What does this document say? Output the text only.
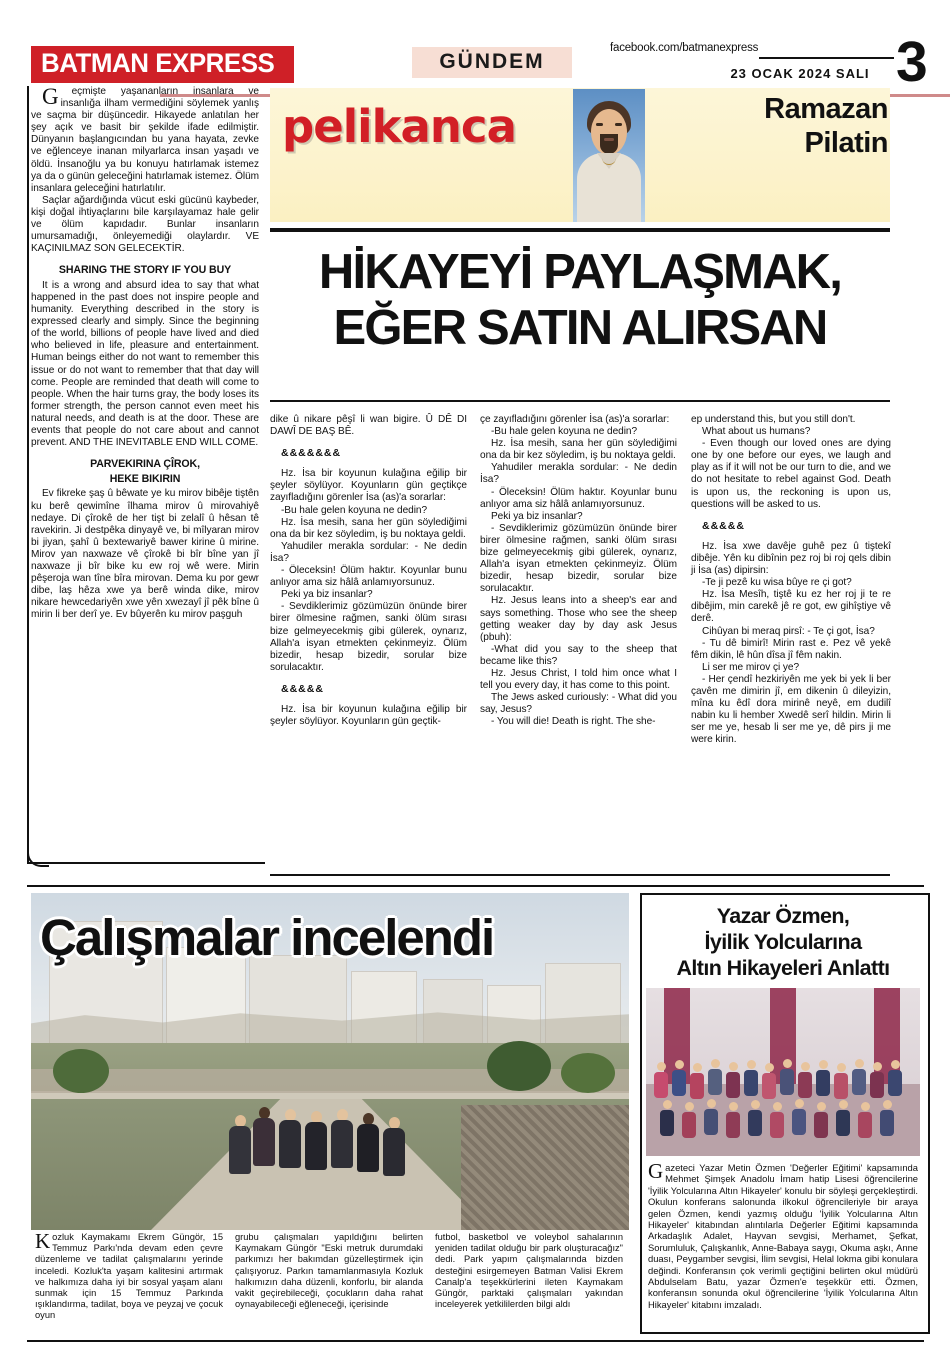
BATMAN EXPRESS	GÜNDEM
facebook.com/batmanexpress
23 OCAK 2024 SALI 3

Geçmişte yaşananların insanlara ve insanlığa ilham vermediğini söylemek yanlış ve saçma bir düşüncedir. Hikayede anlatılan her şey açık ve basit bir şekilde ifade edilmiştir. Dünyanın başlangıcından bu yana hayata, zevke ve eğlenceye inanan milyarlarca insan yaşadı ve öldü. İnsanoğlu ya bu konuyu hatırlamak istemez ya da o günün geleceğini hatırlamak istemez. Ölüm insanlara geleceğini hatırlatılır.

Saçlar ağardığında vücut eski gücünü kaybeder, kişi doğal ihtiyaçlarını bile karşılayamaz hale gelir ve ölüm kapıdadır. Bunlar insanların umursamadığı, önleyemediği olaylardır. VE KAÇINILMAZ SON GELECEKTİR.

SHARING THE STORY IF YOU BUY

It is a wrong and absurd idea to say that what happened in the past does not inspire people and humanity. Everything described in the story is expressed clearly and simply. Since the beginning of the world, billions of people have lived and died who believed in life, pleasure and entertainment. Human beings either do not want to remember this issue or do not want to remember that that day will come. People are reminded that death will come to people. When the hair turns gray, the body loses its former strength, the person cannot even meet his natural needs, and death is at the door. These are events that people do not care about and cannot prevent. AND THE INEVITABLE END WILL COME.

PARVEKIRINA ÇÎROK,
HEKE BIKIRIN

Ev fikreke şaş û bêwate ye ku mirov bibêje tiştên ku berê qewimîne îlhama mirov û mirovahiyê nedaye. Di çîrokê de her tişt bi zelalî û hêsan tê ravekirin. Ji destpêka dinyayê ve, bi mîlyaran mirov bi jiyan, şahî û bextewariyê bawer kirine û mirine. Mirov yan naxwaze vê çîrokê bi bîr bîne yan jî naxwaze ji bîr bike ku ew roj wê were. Mirin pêşeroja wan tîne bîra mirovan. Dema ku por gewr dibe, laş hêza xwe ya berê winda dike, mirov nikare hewcedariyên xwe yên xwezayî jî pêk bîne û mirin li ber derî ye. Ev bûyerên ku mirov paşguh

pelikanca	Ramazan
Pilatin
HİKAYEYİ PAYLAŞMAK,
EĞER SATIN ALIRSAN

dike û nikare pêşî li wan bigire. Û DÊ DI DAWÎ DE BAŞ BÊ.

&&&&&&&

Hz. İsa bir koyunun kulağına eğilip bir şeyler söylüyor. Koyunların gün geçtikçe zayıfladığını görenler İsa (as)'a sorarlar:

-Bu hale gelen koyuna ne dedin?

Hz. İsa mesih, sana her gün söylediğimi ona da bir kez söyledim, iş bu noktaya geldi.

Yahudiler merakla sordular: - Ne dedin İsa?

- Öleceksin! Ölüm haktır. Koyunlar bunu anlıyor ama siz hâlâ anlamıyorsunuz.

Peki ya biz insanlar?

- Sevdiklerimiz gözümüzün önünde birer birer ölmesine rağmen, sanki ölüm sırası bize gelmeyecekmiş gibi gülerek, oynarız, Allah'a isyan etmekten çekinmeyiz. Ölüm bizedir, hesap bizedir, sorular bize sorulacaktır.

&&&&&

Hz. İsa bir koyunun kulağına eğilip bir şeyler söylüyor. Koyunların gün geçtik-

çe zayıfladığını görenler İsa (as)'a sorarlar:

-Bu hale gelen koyuna ne dedin?

Hz. İsa mesih, sana her gün söylediğimi ona da bir kez söyledim, iş bu noktaya geldi.

Yahudiler merakla sordular: - Ne dedin İsa?

- Öleceksin! Ölüm haktır. Koyunlar bunu anlıyor ama siz hâlâ anlamıyorsunuz.

Peki ya biz insanlar?

- Sevdiklerimiz gözümüzün önünde birer birer ölmesine rağmen, sanki ölüm sırası bize gelmeyecekmiş gibi gülerek, oynarız, Allah'a isyan etmekten çekinmeyiz. Ölüm bizedir, hesap bizedir, sorular bize sorulacaktır.

Hz. Jesus leans into a sheep's ear and says something. Those who see the sheep getting weaker day by day ask Jesus (pbuh):

-What did you say to the sheep that became like this?

Hz. Jesus Christ, I told him once what I tell you every day, it has come to this point.

The Jews asked curiously: - What did you say, Jesus?

- You will die! Death is right. The she-

ep understand this, but you still don't.

What about us humans?

- Even though our loved ones are dying one by one before our eyes, we laugh and play as if it will not be our turn to die, and we do not hesitate to rebel against God. Death is upon us, the reckoning is upon us, questions will be asked to us.

&&&&&

Hz. İsa xwe davêje guhê pez û tiştekî dibêje. Yên ku dibînin pez roj bi roj qels dibin ji İsa (as) dipirsin:

-Te ji pezê ku wisa bûye re çi got?

Hz. İsa Mesîh, tiştê ku ez her roj ji te re dibêjim, min carekê jê re got, ew gihîştiye vê derê.

Cihûyan bi meraq pirsî: - Te çi got, İsa?

- Tu dê bimirî! Mirin rast e. Pez vê yekê fêm dikin, lê hûn dîsa jî fêm nakin.

Li ser me mirov çi ye?

- Her çendî hezkiriyên me yek bi yek li ber çavên me dimirin jî, em dikenin û dileyizin, mîna ku êdî dora mirinê neyê, em dudilî nabin ku li hember Xwedê serî hildin. Mirin li ser me ye, hesab li ser me ye, dê pirs ji me were kirin.

Çalışmalar incelendi
Kozluk Kaymakamı Ekrem Güngör, 15 Temmuz Parkı'nda devam eden çevre düzenleme ve tadilat çalışmalarını yerinde inceledi. Kozluk'ta yaşam kalitesini artırmak ve halkımıza daha iyi bir sosyal yaşam alanı sunmak için 15 Temmuz Parkında ışıklandırma, tadilat, boya ve peyzaj ve çocuk oyun
grubu çalışmaları yapıldığını belirten Kaymakam Güngör "Eski metruk durumdaki parkımızı her bakımdan güzelleştirmek için çalışıyoruz. Parkın tamamlanmasıyla Kozluk halkımızın daha düzenli, konforlu, bir alanda vakit geçirebileceği, çocukların daha rahat oynayabileceği eğleneceği, içerisinde
futbol, basketbol ve voleybol sahalarının yeniden tadilat olduğu bir park oluşturacağız" dedi. Park yapım çalışmalarında bizden desteğini esirgemeyen Batman Valisi Ekrem Canalp'a teşekkürlerini ileten Kaymakam Güngör, parktaki çalışmaları yakından inceleyerek yetkililerden bilgi aldı
Yazar Özmen,
İyilik Yolcularına
Altın Hikayeleri Anlattı

Gazeteci Yazar Metin Özmen 'Değerler Eğitimi' kapsamında Mehmet Şimşek Anadolu İmam hatip Lisesi öğrencilerine 'İyilik Yolcularına Altın Hikayeler' konulu bir söyleşi gerçekleştirdi. Okulun konferans salonunda ilkokul öğrencileriyle bir araya gelen Özmen, kendi yazmış olduğu 'İyilik Yolcularına Altın Hikayeler' kitabından alıntılarla Değerler Eğitimi kapsamında Arkadaşlık Adalet, Hayvan sevgisi, Merhamet, Şefkat, Sorumluluk, Çalışkanlık, Anne-Babaya saygı, Okuma aşkı, Anne duası, Peygamber sevgisi, İlim sevgisi, Helal lokma gibi konulara değindi. Konferansın çok verimli geçtiğini belirten okul müdürü Abdulselam Batu, yazar Özmen'e teşekkür etti. Özmen, konferansın sonunda okul öğrencilerine 'İyilik Yolcularına Altın Hikayeler' kitabını imzaladı.
